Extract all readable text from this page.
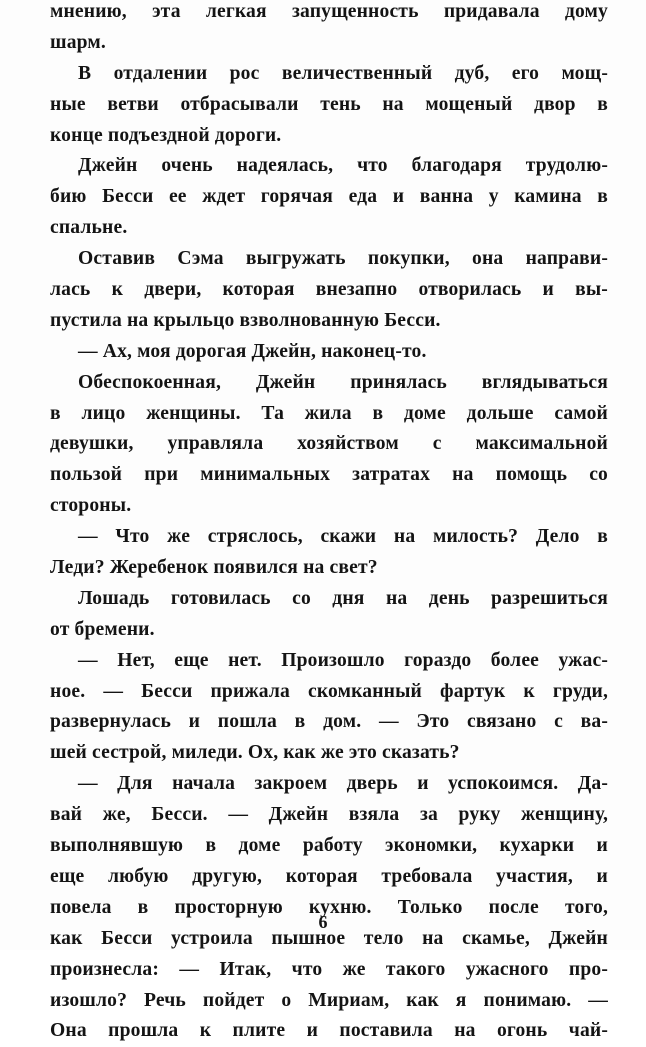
мнению, эта легкая запущенность придавала дому
шарм.
В отдалении рос величественный дуб, его мощ-
ные ветви отбрасывали тень на мощеный двор в
конце подъездной дороги.
Джейн очень надеялась, что благодаря трудолю-
бию Бесси ее ждет горячая еда и ванна у камина в
спальне.
Оставив Сэма выгружать покупки, она направи-
лась к двери, которая внезапно отворилась и вы-
пустила на крыльцо взволнованную Бесси.
— Ах, моя дорогая Джейн, наконец-то.
Обеспокоенная, Джейн принялась вглядываться
в лицо женщины. Та жила в доме дольше самой
девушки, управляла хозяйством с максимальной
пользой при минимальных затратах на помощь со
стороны.
— Что же стряслось, скажи на милость? Дело в
Леди? Жеребенок появился на свет?
Лошадь готовилась со дня на день разрешиться
от бремени.
— Нет, еще нет. Произошло гораздо более ужас-
ное. — Бесси прижала скомканный фартук к груди,
развернулась и пошла в дом. — Это связано с ва-
шей сестрой, миледи. Ох, как же это сказать?
— Для начала закроем дверь и успокоимся. Да-
вай же, Бесси. — Джейн взяла за руку женщину,
выполнявшую в доме работу экономки, кухарки и
еще любую другую, которая требовала участия, и
повела в просторную кухню. Только после того,
как Бесси устроила пышное тело на скамье, Джейн
произнесла: — Итак, что же такого ужасного про-
изошло? Речь пойдет о Мириам, как я понимаю. —
Она прошла к плите и поставила на огонь чай-
6
